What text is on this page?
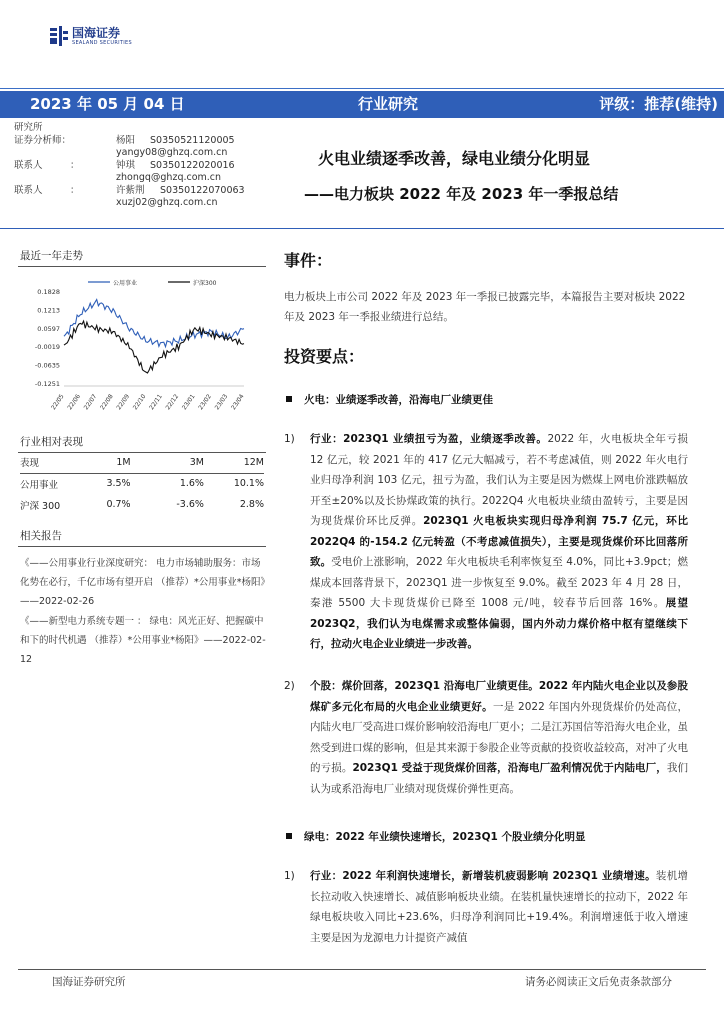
国海证券
SEALAND SECURITIES
2023 年 05 月 04 日	行业研究	评级：推荐(维持)
研究所
证券分析师：	杨阳	S0350521120005
yangy08@ghzq.com.cn
联系人	：	钟琪	S0350122020016
zhongq@ghzq.com.cn
联系人	：	许紫荆	S0350122070063
xuzj02@ghzq.com.cn
火电业绩逐季改善，绿电业绩分化明显
——电力板块 2022 年及 2023 年一季报总结
最近一年走势
公用事业	沪深300
0.1828
0.1213
0.0597
-0.0019
-0.0635
-0.1251
22/05 22/06 22/07 22/08 22/09 22/10 22/11 22/12 23/01 23/02 23/03 23/04
行业相对表现
表现	1M	3M	12M
公用事业	3.5%	1.6%	10.1%
沪深 300	0.7%	-3.6%	2.8%
相关报告
《——公用事业行业深度研究： 电力市场辅助服务：市场化势在必行，千亿市场有望开启 （推荐）*公用事业*杨阳》——2022-02-26
《——新型电力系统专题一 ： 绿电：风光正好、把握碳中和下的时代机遇 （推荐）*公用事业*杨阳》——2022-02-12
事件：
电力板块上市公司 2022 年及 2023 年一季报已披露完毕，本篇报告主要对板块 2022 年及 2023 年一季报业绩进行总结。
投资要点：
火电：业绩逐季改善，沿海电厂业绩更佳
1)	行业：2023Q1 业绩扭亏为盈，业绩逐季改善。2022 年，火电板块全年亏损 12 亿元，较 2021 年的 417 亿元大幅减亏，若不考虑减值，则 2022 年火电行业归母净利润 103 亿元，扭亏为盈，我们认为主要是因为燃煤上网电价涨跌幅放开至±20%以及长协煤政策的执行。2022Q4 火电板块业绩由盈转亏，主要是因为现货煤价环比反弹。2023Q1 火电板块实现归母净利润 75.7 亿元，环比 2022Q4 的-154.2 亿元转盈（不考虑减值损失），主要是现货煤价环比回落所致。受电价上涨影响，2022 年火电板块毛利率恢复至 4.0%，同比+3.9pct；燃煤成本回落背景下，2023Q1 进一步恢复至 9.0%。截至 2023 年 4 月 28 日，秦港 5500 大卡现货煤价已降至 1008 元/吨，较春节后回落 16%。展望 2023Q2，我们认为电煤需求或整体偏弱，国内外动力煤价格中枢有望继续下行，拉动火电企业业绩进一步改善。
2)	个股：煤价回落，2023Q1 沿海电厂业绩更佳。2022 年内陆火电企业以及参股煤矿多元化布局的火电企业业绩更好。一是 2022 年国内外现货煤价仍处高位，内陆火电厂受高进口煤价影响较沿海电厂更小；二是江苏国信等沿海火电企业，虽然受到进口煤的影响，但是其来源于参股企业等贡献的投资收益较高，对冲了火电的亏损。2023Q1 受益于现货煤价回落，沿海电厂盈利情况优于内陆电厂，我们认为或系沿海电厂业绩对现货煤价弹性更高。
绿电：2022 年业绩快速增长，2023Q1 个股业绩分化明显
1)	行业：2022 年利润快速增长，新增装机疲弱影响 2023Q1 业绩增速。装机增长拉动收入快速增长、减值影响板块业绩。在装机量快速增长的拉动下，2022 年绿电板块收入同比+23.6%，归母净利润同比+19.4%。利润增速低于收入增速主要是因为龙源电力计提资产减值
国海证券研究所	请务必阅读正文后免责条款部分
